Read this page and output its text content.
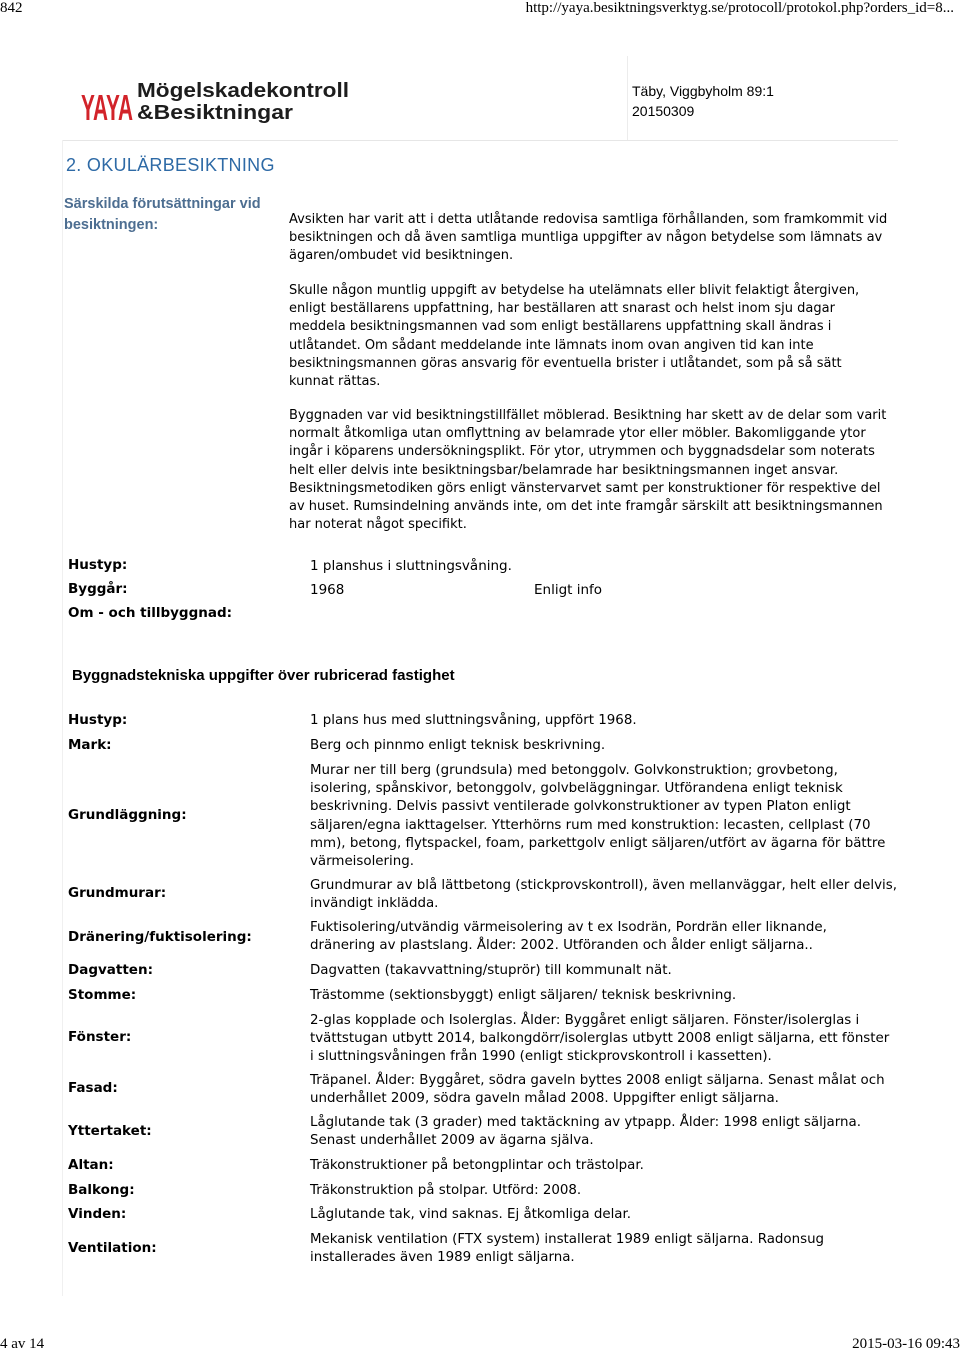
842	http://yaya.besiktningsverktyg.se/protocoll/protokol.php?orders_id=8...
YAYA Mögelskadekontroll
&Besiktningar
Täby, Viggbyholm 89:1
20150309
2. OKULÄRBESIKTNING
Särskilda förutsättningar vid besiktningen:	Avsikten har varit att i detta utlåtande redovisa samtliga förhållanden, som framkommit vid besiktningen och då även samtliga muntliga uppgifter av någon betydelse som lämnats av ägaren/ombudet vid besiktningen.
Skulle någon muntlig uppgift av betydelse ha utelämnats eller blivit felaktigt återgiven, enligt beställarens uppfattning, har beställaren att snarast och helst inom sju dagar meddela besiktningsmannen vad som enligt beställarens uppfattning skall ändras i utlåtandet. Om sådant meddelande inte lämnats inom ovan angiven tid kan inte besiktningsmannen göras ansvarig för eventuella brister i utlåtandet, som på så sätt kunnat rättas.
Byggnaden var vid besiktningstillfället möblerad. Besiktning har skett av de delar som varit normalt åtkomliga utan omflyttning av belamrade ytor eller möbler. Bakomliggande ytor ingår i köparens undersökningsplikt. För ytor, utrymmen och byggnadsdelar som noterats helt eller delvis inte besiktningsbar/belamrade har besiktningsmannen inget ansvar. Besiktningsmetodiken görs enligt vänstervarvet samt per konstruktioner för respektive del av huset. Rumsindelning används inte, om det inte framgår särskilt att besiktningsmannen har noterat något specifikt.
Hustyp:	1 planshus i sluttningsvåning.
Byggår:	1968	Enligt info
Om - och tillbyggnad:
Byggnadstekniska uppgifter över rubricerad fastighet
Hustyp:	1 plans hus med sluttningsvåning, uppfört 1968.
Mark:	Berg och pinnmo enligt teknisk beskrivning.
Grundläggning:
Murar ner till berg (grundsula) med betonggolv. Golvkonstruktion; grovbetong, isolering, spånskivor, betonggolv, golvbeläggningar. Utförandena enligt teknisk beskrivning. Delvis passivt ventilerade golvkonstruktioner av typen Platon enligt säljaren/egna iakttagelser. Ytterhörns rum med konstruktion: lecasten, cellplast (70 mm), betong, flytspackel, foam, parkettgolv enligt säljaren/utfört av ägarna för bättre värmeisolering.
Grundmurar:	Grundmurar av blå lättbetong (stickprovskontroll), även mellanväggar, helt eller delvis, invändigt inklädda.
Dränering/fuktisolering:
Fuktisolering/utvändig värmeisolering av t ex Isodrän, Pordrän eller liknande, dränering av plastslang. Ålder: 2002. Utföranden och ålder enligt säljarna..
Dagvatten:	Dagvatten (takavvattning/stuprör) till kommunalt nät.
Stomme:	Trästomme (sektionsbyggt) enligt säljaren/ teknisk beskrivning.
Fönster:
2-glas kopplade och Isolerglas. Ålder: Byggåret enligt säljaren. Fönster/isolerglas i tvättstugan utbytt 2014, balkongdörr/isolerglas utbytt 2008 enligt säljarna, ett fönster i sluttningsvåningen från 1990 (enligt stickprovskontroll i kassetten).
Fasad:	Träpanel. Ålder: Byggåret, södra gaveln byttes 2008 enligt säljarna. Senast målat och underhållet 2009, södra gaveln målad 2008. Uppgifter enligt säljarna.
Yttertaket:
Låglutande tak (3 grader) med taktäckning av ytpapp. Ålder: 1998 enligt säljarna. Senast underhållet 2009 av ägarna själva.
Altan:	Träkonstruktioner på betongplintar och trästolpar.
Balkong:	Träkonstruktion på stolpar. Utförd: 2008.
Vinden:	Låglutande tak, vind saknas. Ej åtkomliga delar.
Ventilation:
Mekanisk ventilation (FTX system) installerat 1989 enligt säljarna. Radonsug installerades även 1989 enligt säljarna.
4 av 14	2015-03-16 09:43
